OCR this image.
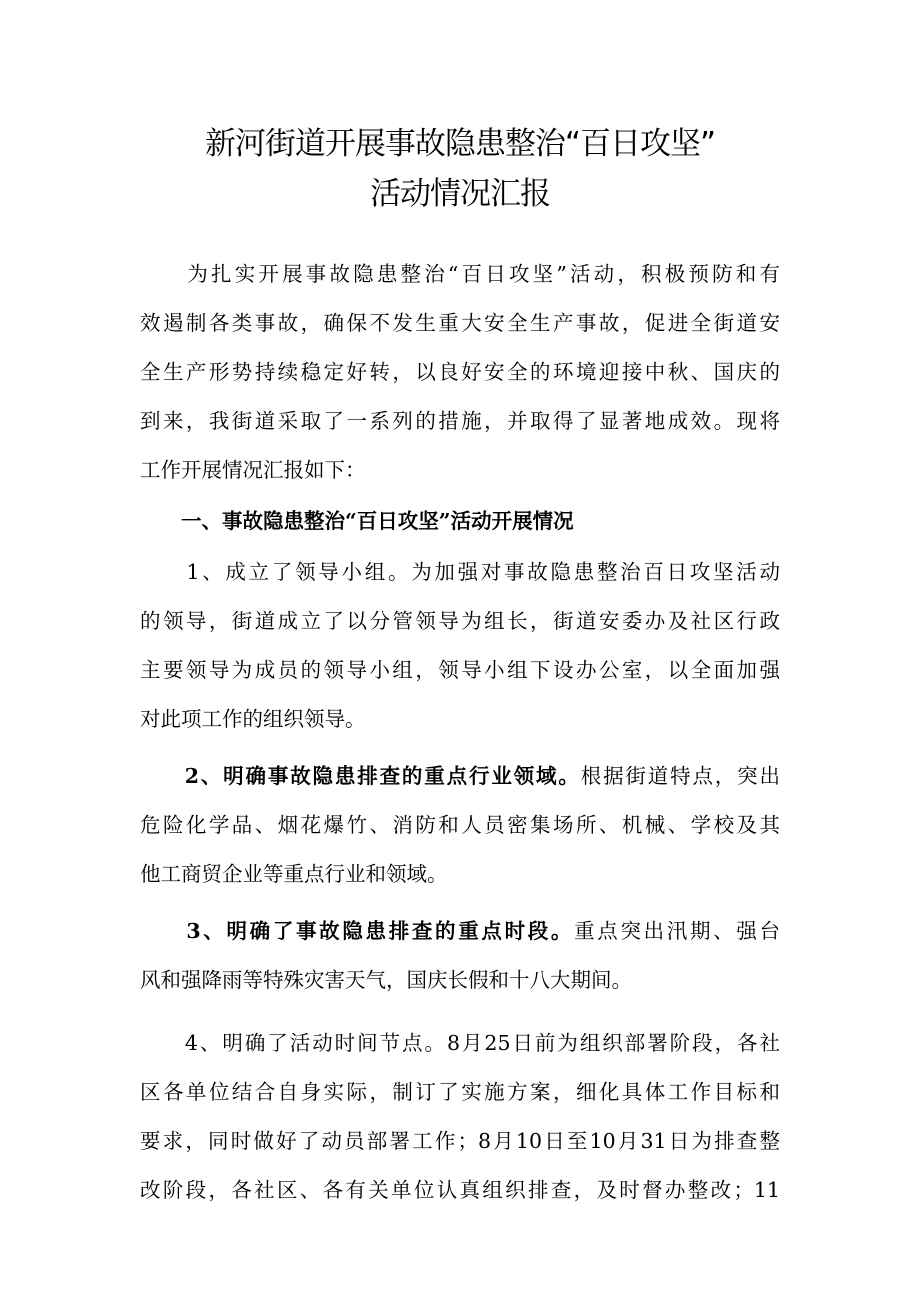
新河街道开展事故隐患整治“百日攻坚”
活动情况汇报
　　为扎实开展事故隐患整治“百日攻坚”活动，积极预防和有
效遏制各类事故，确保不发生重大安全生产事故，促进全街道安
全生产形势持续稳定好转，以良好安全的环境迎接中秋、国庆的
到来，我街道采取了一系列的措施，并取得了显著地成效。现将
工作开展情况汇报如下：
　　一、事故隐患整治“百日攻坚”活动开展情况
　　1、成立了领导小组。为加强对事故隐患整治百日攻坚活动
的领导，街道成立了以分管领导为组长，街道安委办及社区行政
主要领导为成员的领导小组，领导小组下设办公室，以全面加强
对此项工作的组织领导。
　　2、明确事故隐患排查的重点行业领域。根据街道特点，突出
危险化学品、烟花爆竹、消防和人员密集场所、机械、学校及其
他工商贸企业等重点行业和领域。
　　3、明确了事故隐患排查的重点时段。重点突出汛期、强台
风和强降雨等特殊灾害天气，国庆长假和十八大期间。
　　4、明确了活动时间节点。8月25日前为组织部署阶段，各社
区各单位结合自身实际，制订了实施方案，细化具体工作目标和
要求，同时做好了动员部署工作；8月10日至10月31日为排查整
改阶段，各社区、各有关单位认真组织排查，及时督办整改；11
